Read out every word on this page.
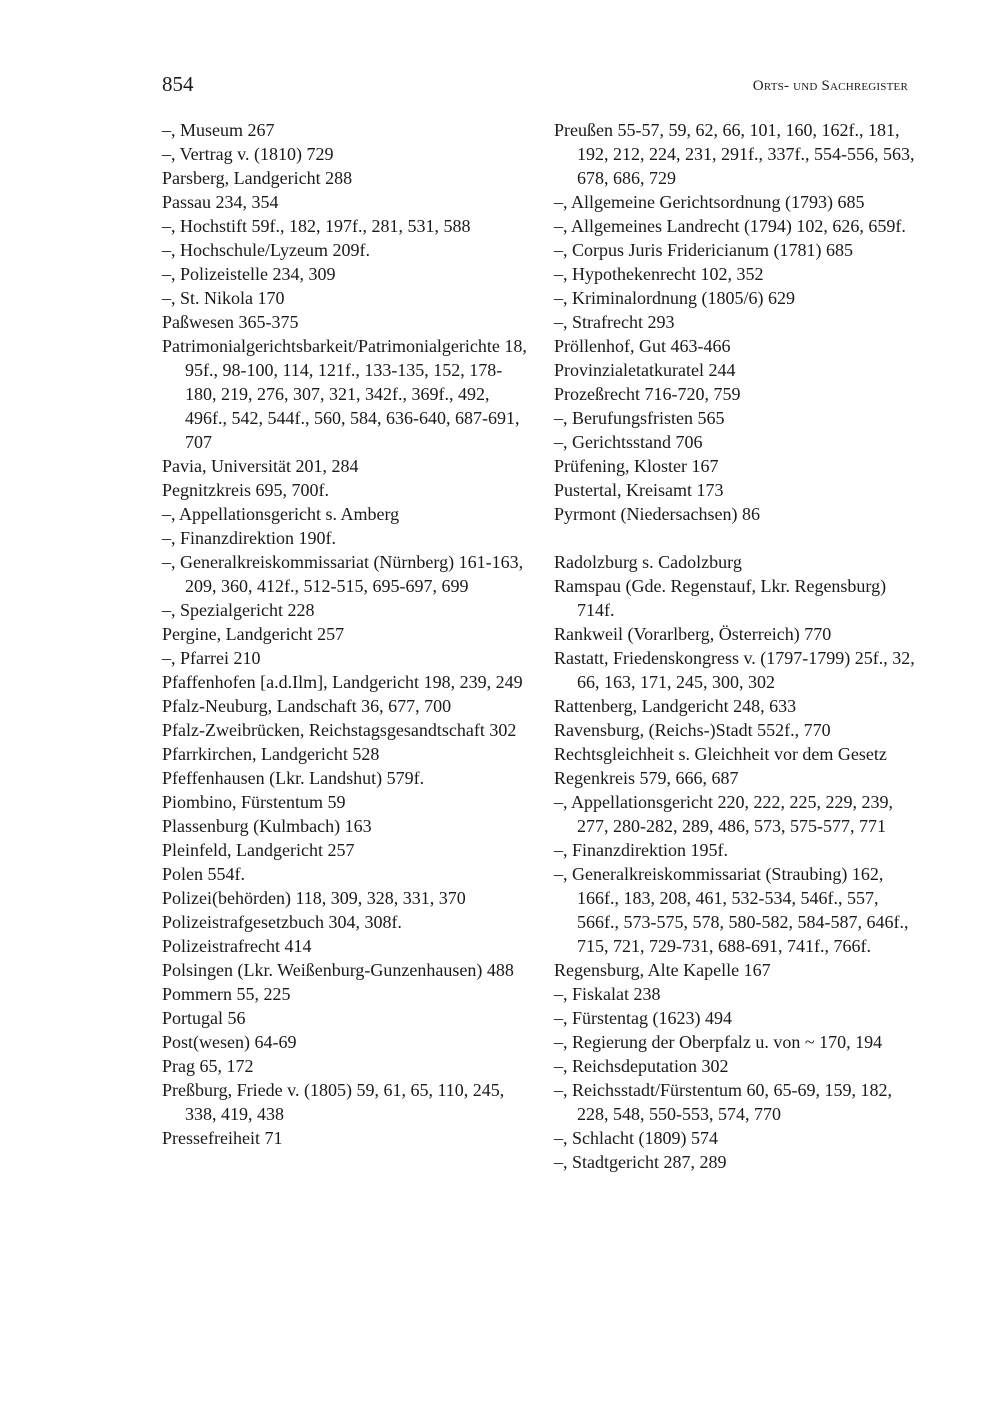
854	Orts- und Sachregister
–, Museum 267
–, Vertrag v. (1810) 729
Parsberg, Landgericht 288
Passau 234, 354
–, Hochstift 59f., 182, 197f., 281, 531, 588
–, Hochschule/Lyzeum 209f.
–, Polizeistelle 234, 309
–, St. Nikola 170
Paßwesen 365-375
Patrimonialgerichtsbarkeit/Patrimonialgerichte 18, 95f., 98-100, 114, 121f., 133-135, 152, 178-180, 219, 276, 307, 321, 342f., 369f., 492, 496f., 542, 544f., 560, 584, 636-640, 687-691, 707
Pavia, Universität 201, 284
Pegnitzkreis 695, 700f.
–, Appellationsgericht s. Amberg
–, Finanzdirektion 190f.
–, Generalkreiskommissariat (Nürnberg) 161-163, 209, 360, 412f., 512-515, 695-697, 699
–, Spezialgericht 228
Pergine, Landgericht 257
–, Pfarrei 210
Pfaffenhofen [a.d.Ilm], Landgericht 198, 239, 249
Pfalz-Neuburg, Landschaft 36, 677, 700
Pfalz-Zweibrücken, Reichstagsgesandtschaft 302
Pfarrkirchen, Landgericht 528
Pfeffenhausen (Lkr. Landshut) 579f.
Piombino, Fürstentum 59
Plassenburg (Kulmbach) 163
Pleinfeld, Landgericht 257
Polen 554f.
Polizei(behörden) 118, 309, 328, 331, 370
Polizeistrafgesetzbuch 304, 308f.
Polizeistrafrecht 414
Polsingen (Lkr. Weißenburg-Gunzenhausen) 488
Pommern 55, 225
Portugal 56
Post(wesen) 64-69
Prag 65, 172
Preßburg, Friede v. (1805) 59, 61, 65, 110, 245, 338, 419, 438
Pressefreiheit 71
Preußen 55-57, 59, 62, 66, 101, 160, 162f., 181, 192, 212, 224, 231, 291f., 337f., 554-556, 563, 678, 686, 729
–, Allgemeine Gerichtsordnung (1793) 685
–, Allgemeines Landrecht (1794) 102, 626, 659f.
–, Corpus Juris Fridericianum (1781) 685
–, Hypothekenrecht 102, 352
–, Kriminalordnung (1805/6) 629
–, Strafrecht 293
Pröllenhof, Gut 463-466
Provinzialetatkuratel 244
Prozeßrecht 716-720, 759
–, Berufungsfristen 565
–, Gerichtsstand 706
Prüfening, Kloster 167
Pustertal, Kreisamt 173
Pyrmont (Niedersachsen) 86
Radolzburg s. Cadolzburg
Ramspau (Gde. Regenstauf, Lkr. Regensburg) 714f.
Rankweil (Vorarlberg, Österreich) 770
Rastatt, Friedenskongress v. (1797-1799) 25f., 32, 66, 163, 171, 245, 300, 302
Rattenberg, Landgericht 248, 633
Ravensburg, (Reichs-)Stadt 552f., 770
Rechtsgleichheit s. Gleichheit vor dem Gesetz
Regenkreis 579, 666, 687
–, Appellationsgericht 220, 222, 225, 229, 239, 277, 280-282, 289, 486, 573, 575-577, 771
–, Finanzdirektion 195f.
–, Generalkreiskommissariat (Straubing) 162, 166f., 183, 208, 461, 532-534, 546f., 557, 566f., 573-575, 578, 580-582, 584-587, 646f., 715, 721, 729-731, 688-691, 741f., 766f.
Regensburg, Alte Kapelle 167
–, Fiskalat 238
–, Fürstentag (1623) 494
–, Regierung der Oberpfalz u. von ~ 170, 194
–, Reichsdeputation 302
–, Reichsstadt/Fürstentum 60, 65-69, 159, 182, 228, 548, 550-553, 574, 770
–, Schlacht (1809) 574
–, Stadtgericht 287, 289
